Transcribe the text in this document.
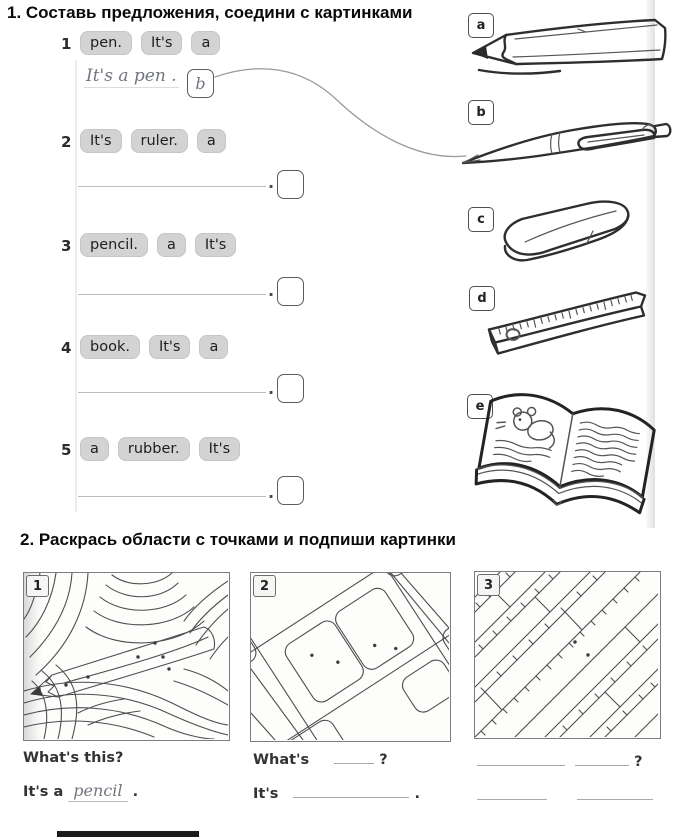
1. Составь предложения, соедини с картинками
1	pen.	It's	a
It's a pen . b
2	It's	ruler.	a
.
3	pencil.	a	It's
.
4	book.	It's	a
.
5	a	rubber.	It's
.
a
b
c
d
e
2. Раскрась области с точками и подпиши картинки
1	2	3
What's this?
It's a pencil .
What's	?
It's	.
?
